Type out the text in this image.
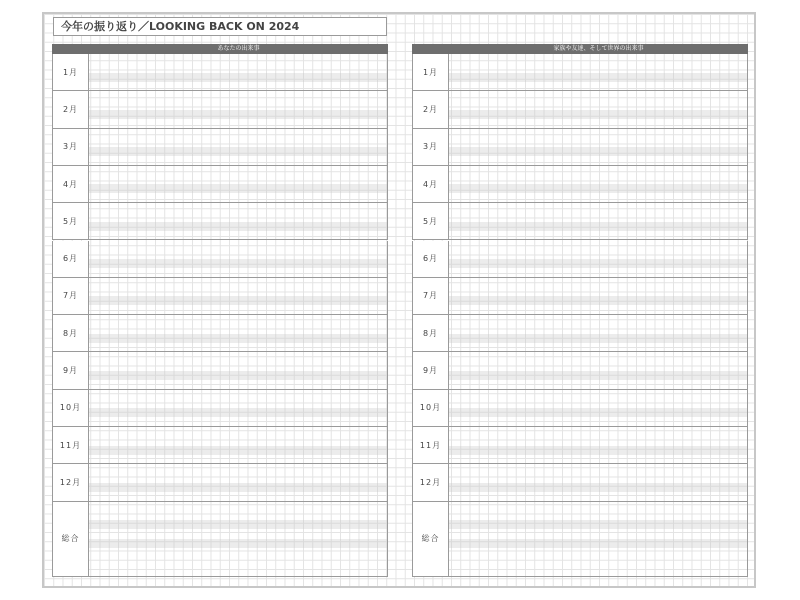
今年の振り返り／LOOKING BACK ON 2024
あなたの出来事
1月
2月
3月
4月
5月
6月
7月
8月
9月
10月
11月
12月
総合
家族や友達、そして世界の出来事
1月
2月
3月
4月
5月
6月
7月
8月
9月
10月
11月
12月
総合
